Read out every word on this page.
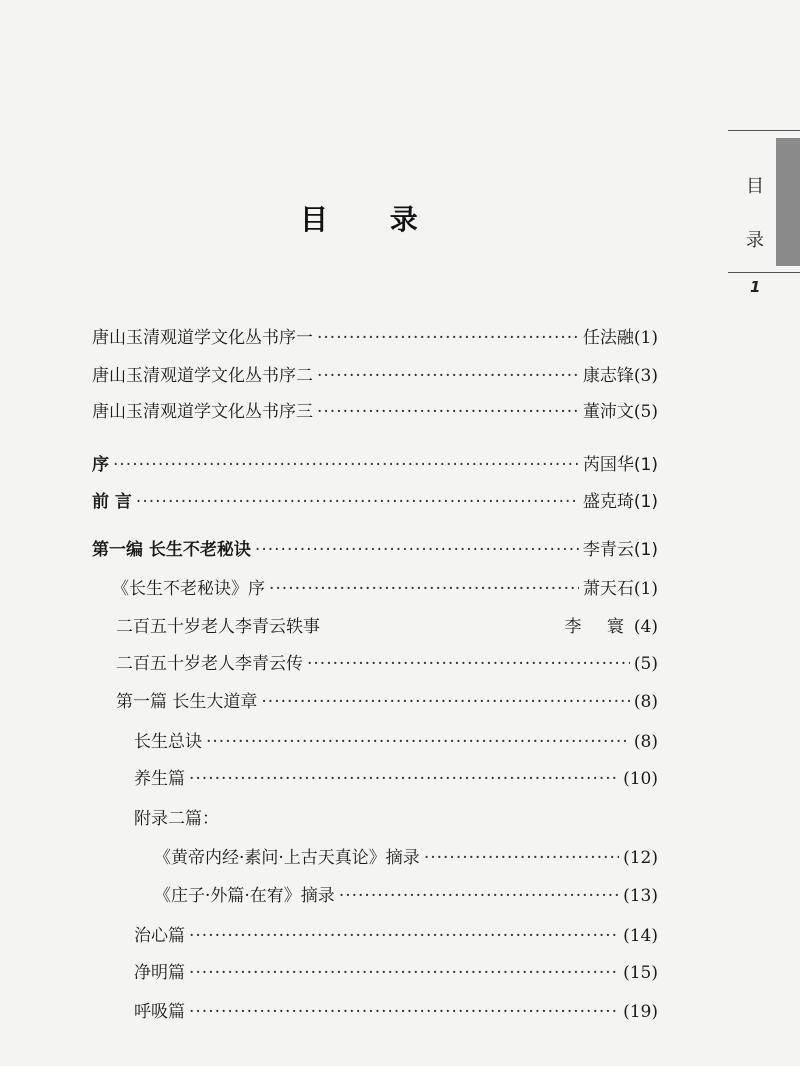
目
录
1
目 录
唐山玉清观道学文化丛书序一 ·····	任法融 (1)
唐山玉清观道学文化丛书序二 ·····	康志锋 (3)
唐山玉清观道学文化丛书序三 ·····	董沛文 (5)
序 ·····	芮国华 (1)
前 言 ·····	盛克琦 (1)
第一编 长生不老秘诀 ·····	李青云 (1)
《长生不老秘诀》序 ·····	萧天石 (1)
二百五十岁老人李青云轶事	李 寰 (4)
二百五十岁老人李青云传 ·····	(5)
第一篇 长生大道章 ·····	(8)
长生总诀 ·····	(8)
养生篇 ·····	(10)
附录二篇：
《黄帝内经·素问·上古天真论》摘录 ·····	(12)
《庄子·外篇·在宥》摘录 ·····	(13)
治心篇 ·····	(14)
净明篇 ·····	(15)
呼吸篇 ·····	(19)
